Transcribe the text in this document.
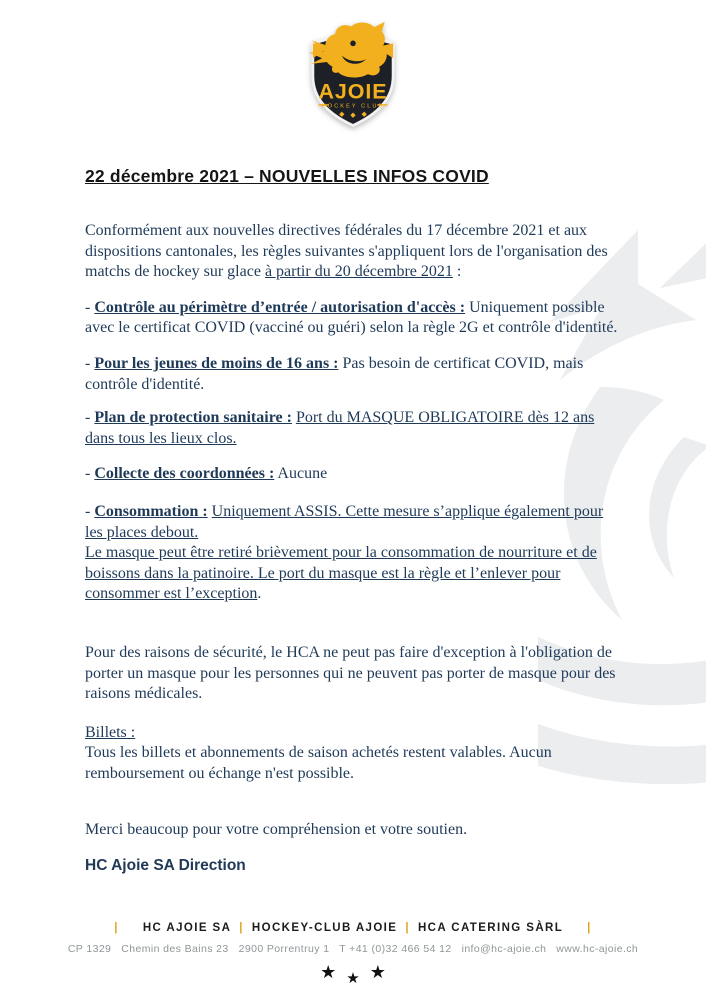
AJOIE
HOCKEY CLUB
22 décembre 2021 – NOUVELLES INFOS COVID

Conformément aux nouvelles directives fédérales du 17 décembre 2021 et aux dispositions cantonales, les règles suivantes s'appliquent lors de l'organisation des matchs de hockey sur glace à partir du 20 décembre 2021 :

- Contrôle au périmètre d’entrée / autorisation d'accès : Uniquement possible avec le certificat COVID (vacciné ou guéri) selon la règle 2G et contrôle d'identité.

- Pour les jeunes de moins de 16 ans : Pas besoin de certificat COVID, mais contrôle d'identité.

- Plan de protection sanitaire : Port du MASQUE OBLIGATOIRE dès 12 ans dans tous les lieux clos.

- Collecte des coordonnées : Aucune

- Consommation : Uniquement ASSIS. Cette mesure s’applique également pour les places debout.
Le masque peut être retiré brièvement pour la consommation de nourriture et de boissons dans la patinoire. Le port du masque est la règle et l’enlever pour consommer est l’exception.

Pour des raisons de sécurité, le HCA ne peut pas faire d'exception à l'obligation de porter un masque pour les personnes qui ne peuvent pas porter de masque pour des raisons médicales.

Billets :
Tous les billets et abonnements de saison achetés restent valables. Aucun remboursement ou échange n'est possible.

Merci beaucoup pour votre compréhension et votre soutien.

HC Ajoie SA Direction
| HC AJOIE SA | HOCKEY-CLUB AJOIE | HCA CATERING SÀRL |
CP 1329   Chemin des Bains 23   2900 Porrentruy 1   T +41 (0)32 466 54 12   info@hc-ajoie.ch   www.hc-ajoie.ch
★ ★ ★
